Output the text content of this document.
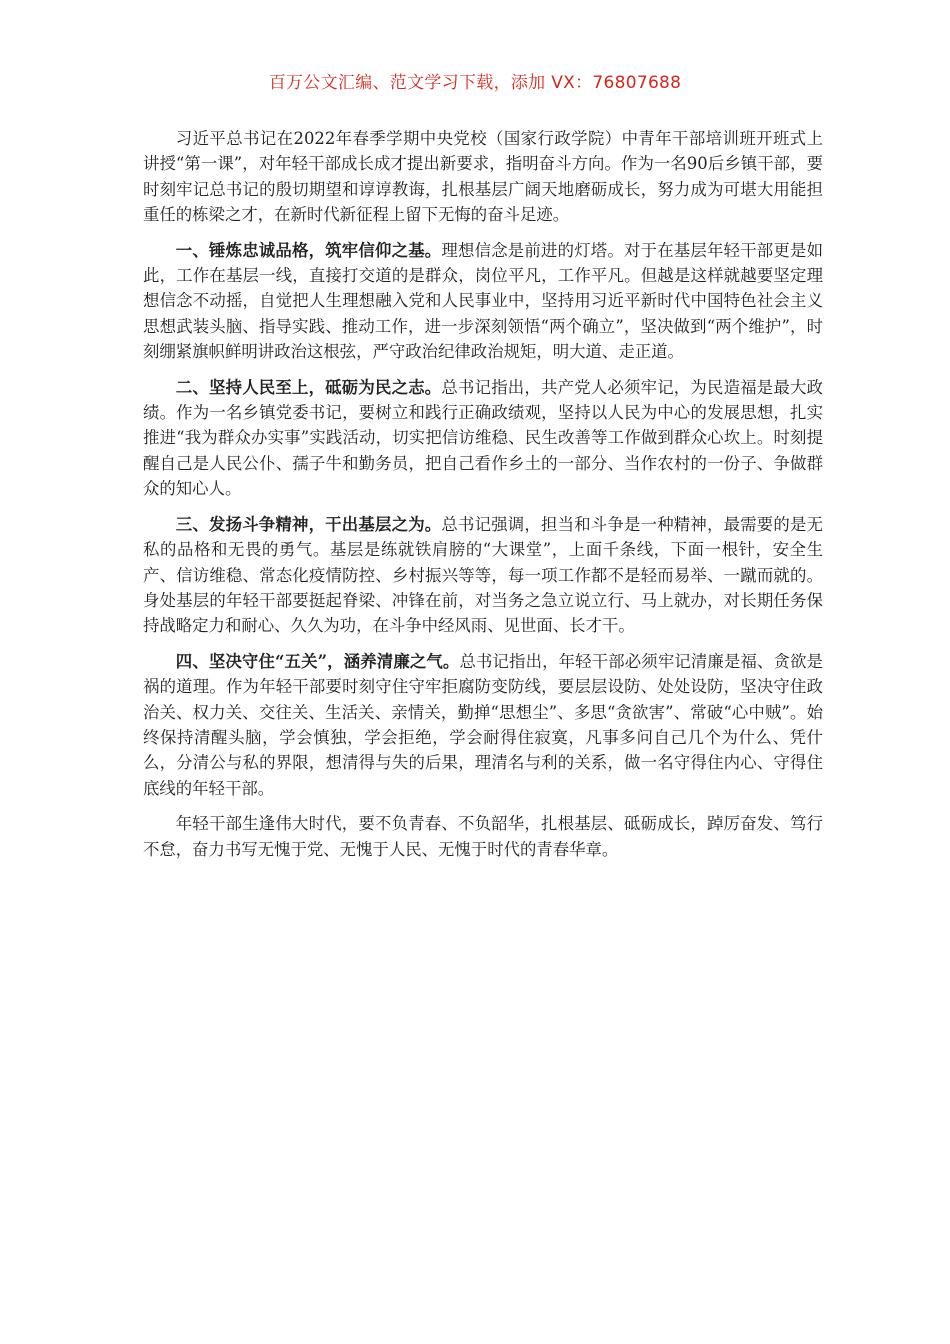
百万公文汇编、范文学习下载，添加 VX：76807688

习近平总书记在2022年春季学期中央党校（国家行政学院）中青年干部培训班开班式上讲授“第一课”，对年轻干部成长成才提出新要求，指明奋斗方向。作为一名90后乡镇干部，要时刻牢记总书记的殷切期望和谆谆教诲，扎根基层广阔天地磨砺成长，努力成为可堪大用能担重任的栋梁之才，在新时代新征程上留下无悔的奋斗足迹。

一、锤炼忠诚品格，筑牢信仰之基。理想信念是前进的灯塔。对于在基层年轻干部更是如此，工作在基层一线，直接打交道的是群众，岗位平凡，工作平凡。但越是这样就越要坚定理想信念不动摇，自觉把人生理想融入党和人民事业中，坚持用习近平新时代中国特色社会主义思想武装头脑、指导实践、推动工作，进一步深刻领悟“两个确立”，坚决做到“两个维护”，时刻绷紧旗帜鲜明讲政治这根弦，严守政治纪律政治规矩，明大道、走正道。

二、坚持人民至上，砥砺为民之志。总书记指出，共产党人必须牢记，为民造福是最大政绩。作为一名乡镇党委书记，要树立和践行正确政绩观，坚持以人民为中心的发展思想，扎实推进“我为群众办实事”实践活动，切实把信访维稳、民生改善等工作做到群众心坎上。时刻提醒自己是人民公仆、孺子牛和勤务员，把自己看作乡土的一部分、当作农村的一份子、争做群众的知心人。

三、发扬斗争精神，干出基层之为。总书记强调，担当和斗争是一种精神，最需要的是无私的品格和无畏的勇气。基层是练就铁肩膀的“大课堂”，上面千条线，下面一根针，安全生产、信访维稳、常态化疫情防控、乡村振兴等等，每一项工作都不是轻而易举、一蹴而就的。身处基层的年轻干部要挺起脊梁、冲锋在前，对当务之急立说立行、马上就办，对长期任务保持战略定力和耐心、久久为功，在斗争中经风雨、见世面、长才干。

四、坚决守住“五关”，涵养清廉之气。总书记指出，年轻干部必须牢记清廉是福、贪欲是祸的道理。作为年轻干部要时刻守住守牢拒腐防变防线，要层层设防、处处设防，坚决守住政治关、权力关、交往关、生活关、亲情关，勤掸“思想尘”、多思“贪欲害”、常破“心中贼”。始终保持清醒头脑，学会慎独，学会拒绝，学会耐得住寂寞，凡事多问自己几个为什么、凭什么，分清公与私的界限，想清得与失的后果，理清名与利的关系，做一名守得住内心、守得住底线的年轻干部。

年轻干部生逢伟大时代，要不负青春、不负韶华，扎根基层、砥砺成长，踔厉奋发、笃行不怠，奋力书写无愧于党、无愧于人民、无愧于时代的青春华章。
